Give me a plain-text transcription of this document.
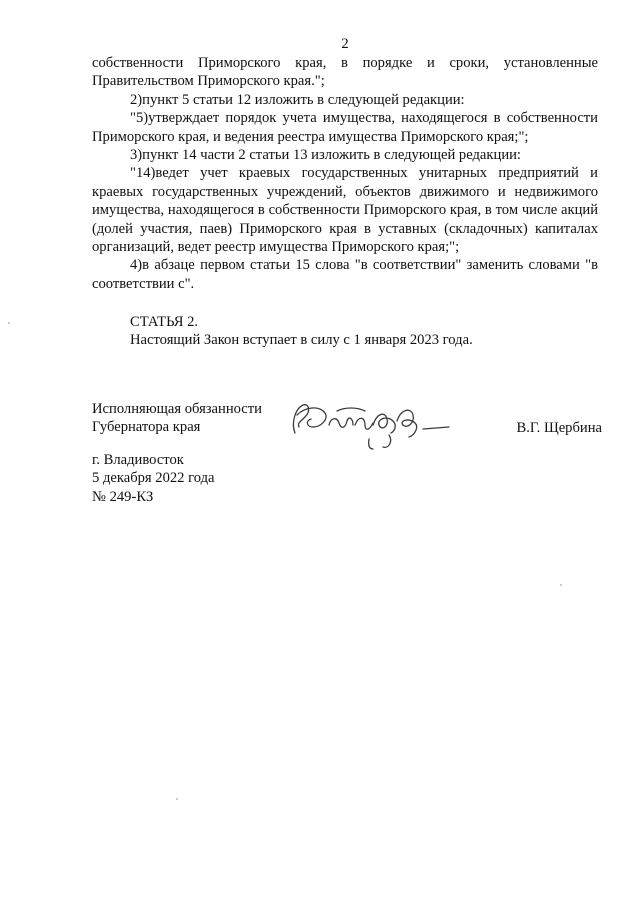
2

собственности Приморского края, в порядке и сроки, установленные Правительством Приморского края.";

2)пункт 5 статьи 12 изложить в следующей редакции:

"5)утверждает порядок учета имущества, находящегося в собственности Приморского края, и ведения реестра имущества Приморского края;";

3)пункт 14 части 2 статьи 13 изложить в следующей редакции:

"14)ведет учет краевых государственных унитарных предприятий и краевых государственных учреждений, объектов движимого и недвижимого имущества, находящегося в собственности Приморского края, в том числе акций (долей участия, паев) Приморского края в уставных (складочных) капиталах организаций, ведет реестр имущества Приморского края;";

4)в абзаце первом статьи 15 слова "в соответствии" заменить словами "в соответствии с".

СТАТЬЯ 2.

Настоящий Закон вступает в силу с 1 января 2023 года.

Исполняющая обязанности
Губернатора края	В.Г. Щербина

г. Владивосток

5 декабря 2022 года

№ 249-КЗ
